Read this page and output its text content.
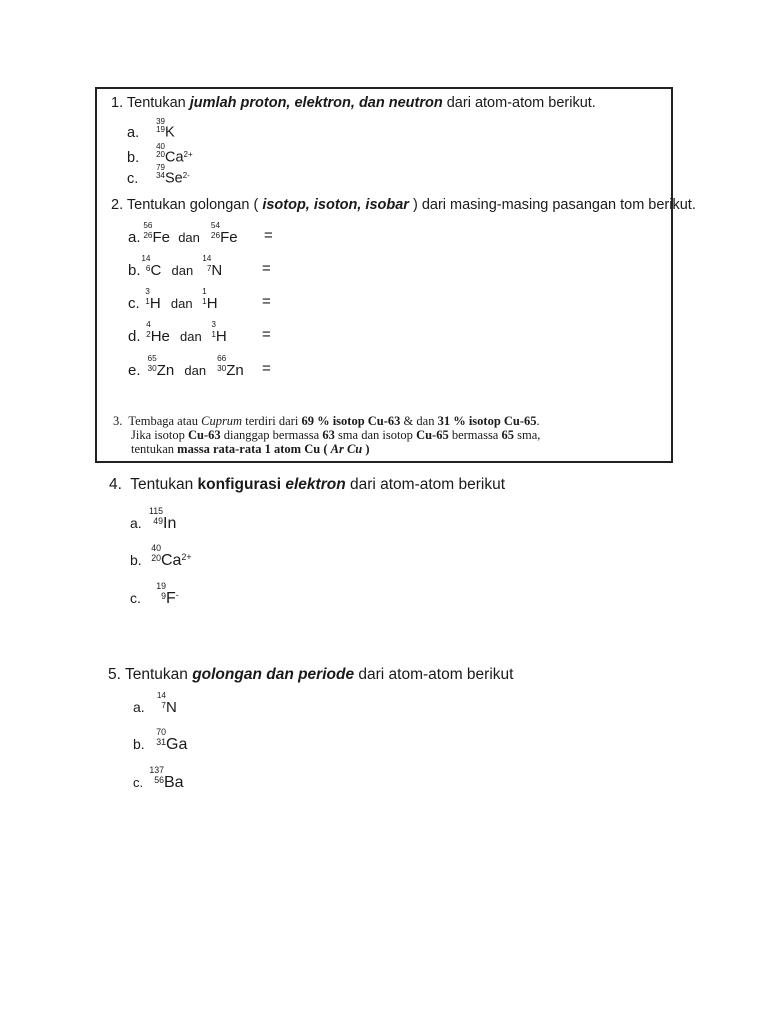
1. Tentukan jumlah proton, elektron, dan neutron dari atom-atom berikut.
a.
39
19 K
b.
40
20 $Ca^{2+}$
c.
79
34 $Se^{2-}$
2. Tentukan golongan ( isotop, isoton, isobar ) dari masing-masing pasangan tom berikut.
a.
56
26 Fe dan
54
26 Fe =
b.
14
6 C dan
14
7 N	=
c.
3
1 H dan
1
1 H	=
d.
4
2 He dan
3
1 H =
e.
65
30 Zn dan
66
30 Zn =
3. Tembaga atau Cuprum terdiri dari 69 % isotop Cu-63 & dan 31 % isotop Cu-65.
Jika isotop Cu-63 dianggap bermassa 63 sma dan isotop Cu-65 bermassa 65 sma,
tentukan massa rata-rata 1 atom Cu ( Ar Cu )
4. Tentukan konfigurasi elektron dari atom-atom berikut
a.
115
49 In
b.
40
20 $Ca^{2+}$
c.
19
9 F-
5. Tentukan golongan dan periode dari atom-atom berikut
a.
14
7 N
b.
70
31 Ga
c.
137
56 Ba
